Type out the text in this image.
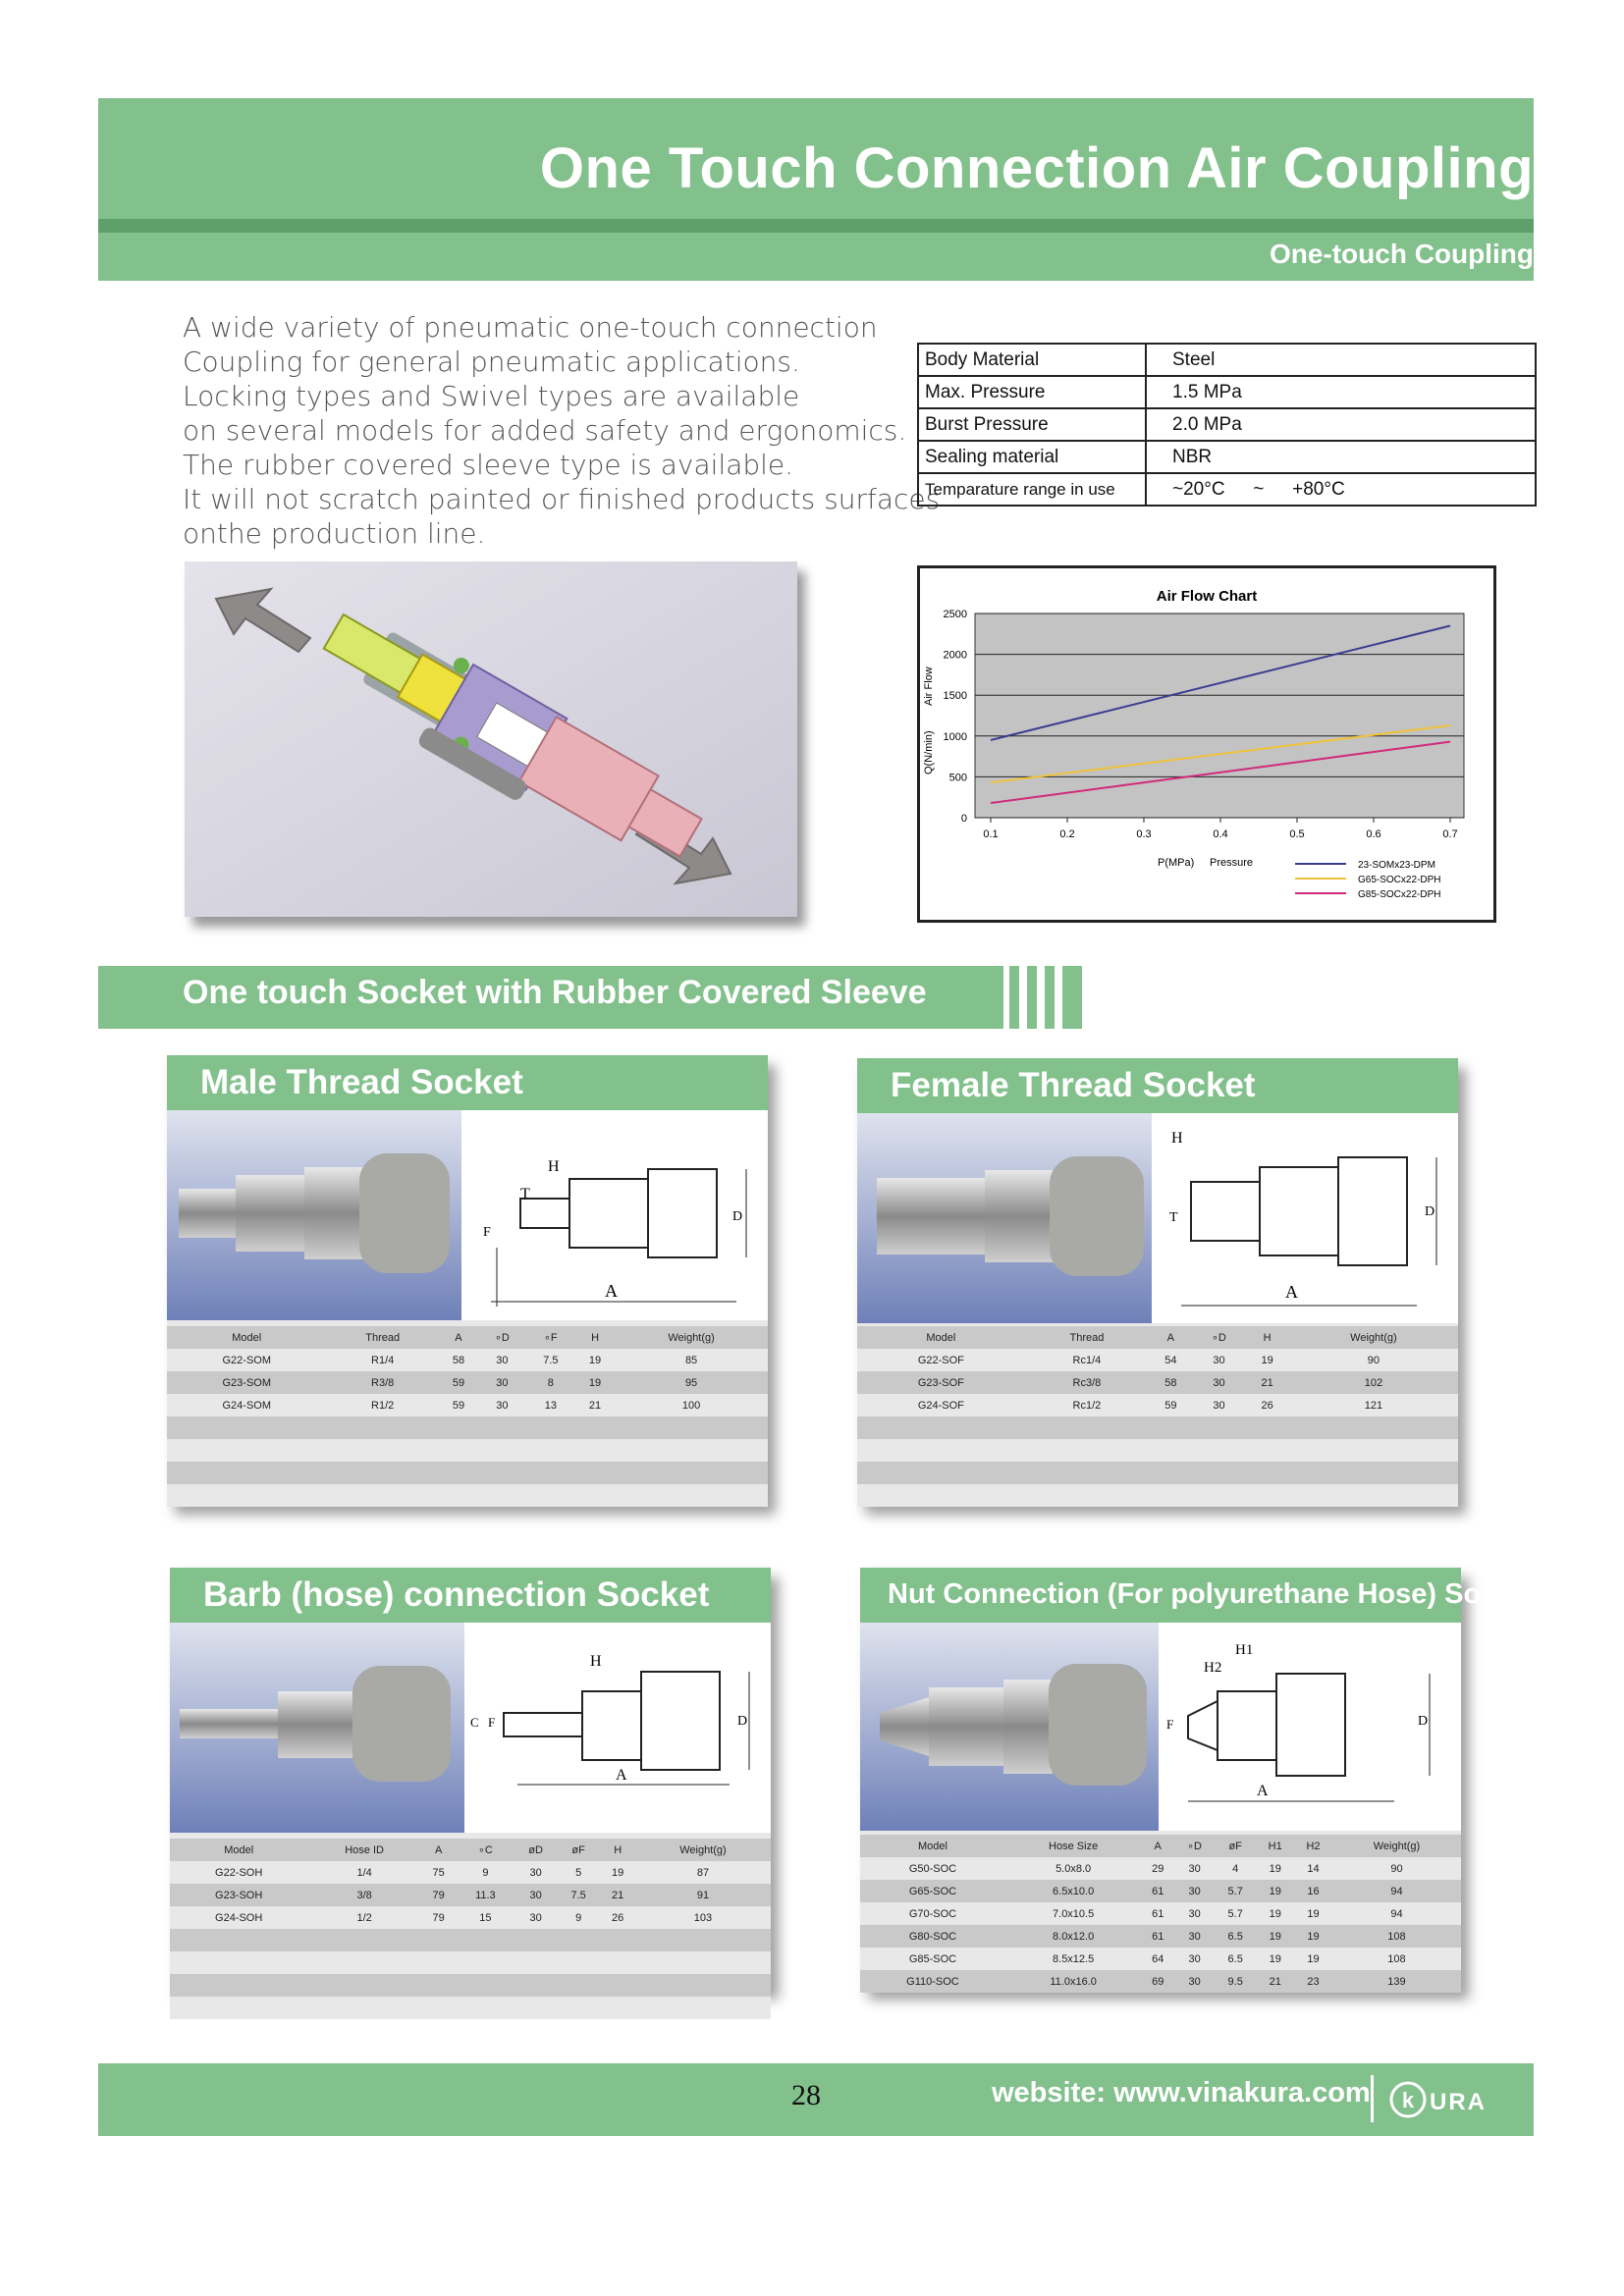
One Touch Connection Air Coupling
One-touch Coupling
A wide variety of pneumatic one-touch connection
Coupling for general pneumatic applications.
Locking types and Swivel types are available
on several models for added safety and ergonomics.
The rubber covered sleeve type is available.
It will not scratch painted or finished products surfaces
onthe production line.
Body Material	Steel
Max. Pressure	1.5 MPa
Burst Pressure	2.0 MPa
Sealing material	NBR
Temparature range in use	~20°C ~ +80°C
Air Flow Chart
0
500
1000
1500
2000
2500
0.1	0.2	0.3	0.4	0.5	0.6	0.7
Q(N/min)
Air Flow
P(MPa) Pressure	23-SOMx23-DPM
G65-SOCx22-DPH
G85-SOCx22-DPH
One touch Socket with Rubber Covered Sleeve
Male Thread Socket
T
H
F
D
A
Model	Thread	A	∘D	∘F	H	Weight(g)
G22-SOM	R1/4	58	30	7.5	19	85
G23-SOM	R3/8	59	30	8	19	95
G24-SOM	R1/2	59	30	13	21	100

Female Thread Socket
H
T	D
A
Model	Thread	A	∘D	H	Weight(g)
G22-SOF	Rc1/4	54	30	19	90
G23-SOF	Rc3/8	58	30	21	102
G24-SOF	Rc1/2	59	30	26	121

Barb (hose) connection Socket
H
C F	D
A
Model	Hose ID	A	∘C	øD	øF	H	Weight(g)
G22-SOH	1/4	75	9	30	5	19	87
G23-SOH	3/8	79	11.3	30	7.5	21	91
G24-SOH	1/2	79	15	30	9	26	103

Nut Connection (For polyurethane Hose) Socket
H1
H2
F	D
A
Model	Hose Size	A	∘D	øF	H1	H2	Weight(g)
G50-SOC	5.0x8.0	29	30	4	19	14	90
G65-SOC	6.5x10.0	61	30	5.7	19	16	94
G70-SOC	7.0x10.5	61	30	5.7	19	19	94
G80-SOC	8.0x12.0	61	30	6.5	19	19	108
G85-SOC	8.5x12.5	64	30	6.5	19	19	108
G110-SOC	11.0x16.0	69	30	9.5	21	23	139
28	website: www.vinakura.com k URA
